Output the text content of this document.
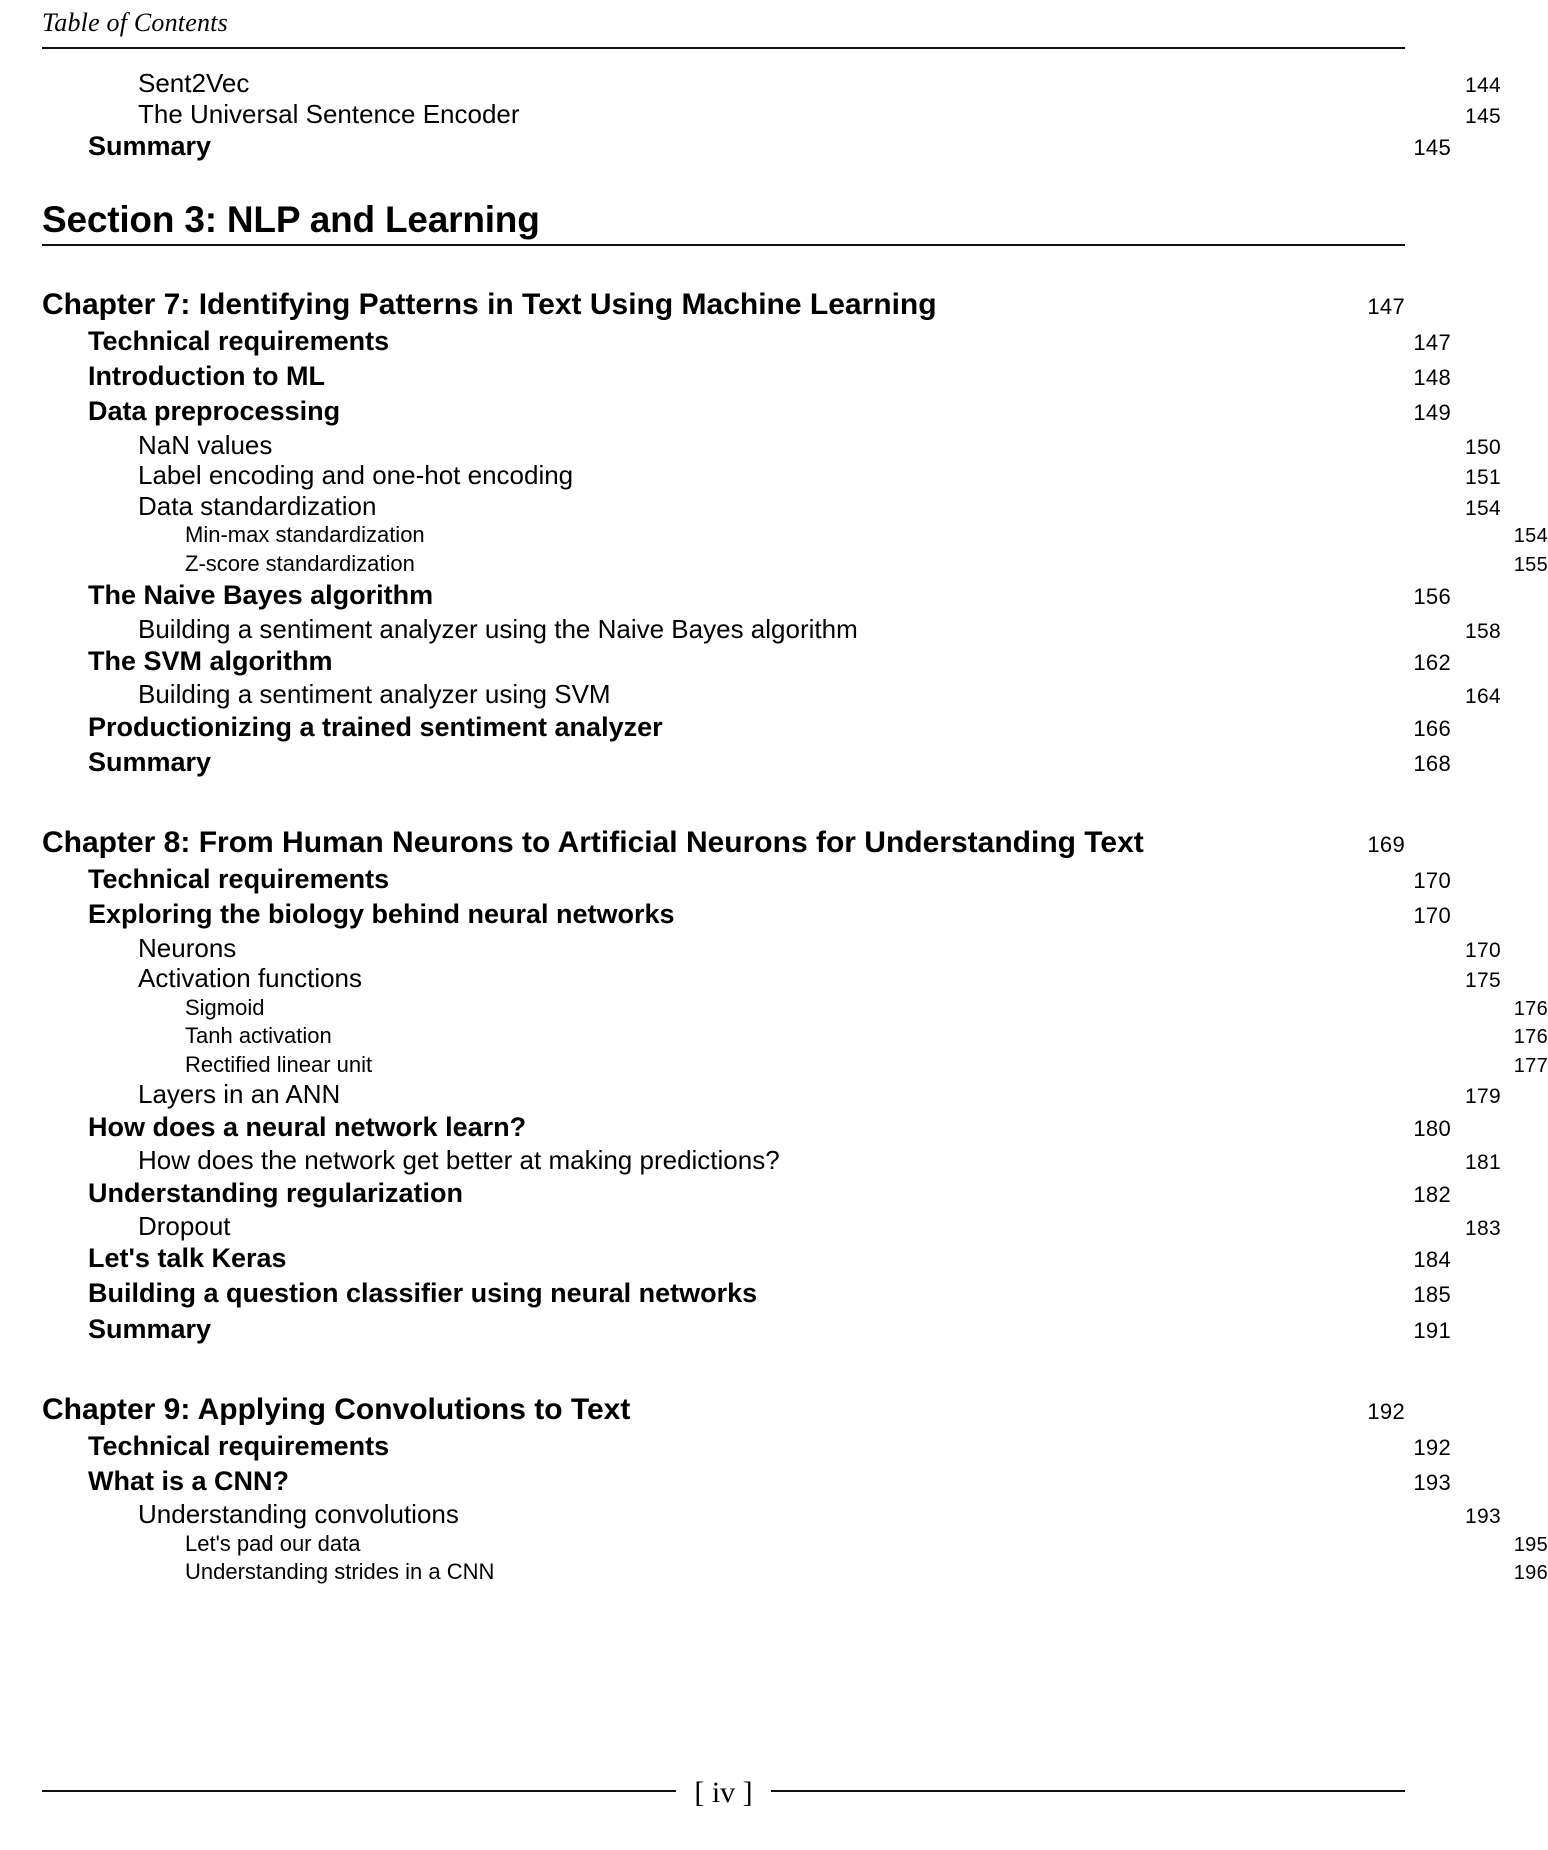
Table of Contents
Sent2Vec	144
The Universal Sentence Encoder	145
Summary	145
Section 3: NLP and Learning
Chapter 7: Identifying Patterns in Text Using Machine Learning	147
Technical requirements	147
Introduction to ML	148
Data preprocessing	149
NaN values	150
Label encoding and one-hot encoding	151
Data standardization	154
Min-max standardization	154
Z-score standardization	155
The Naive Bayes algorithm	156
Building a sentiment analyzer using the Naive Bayes algorithm	158
The SVM algorithm	162
Building a sentiment analyzer using SVM	164
Productionizing a trained sentiment analyzer	166
Summary	168
Chapter 8: From Human Neurons to Artificial Neurons for Understanding Text	169
Technical requirements	170
Exploring the biology behind neural networks	170
Neurons	170
Activation functions	175
Sigmoid	176
Tanh activation	176
Rectified linear unit	177
Layers in an ANN	179
How does a neural network learn?	180
How does the network get better at making predictions?	181
Understanding regularization	182
Dropout	183
Let's talk Keras	184
Building a question classifier using neural networks	185
Summary	191
Chapter 9: Applying Convolutions to Text	192
Technical requirements	192
What is a CNN?	193
Understanding convolutions	193
Let's pad our data	195
Understanding strides in a CNN	196
[ iv ]
